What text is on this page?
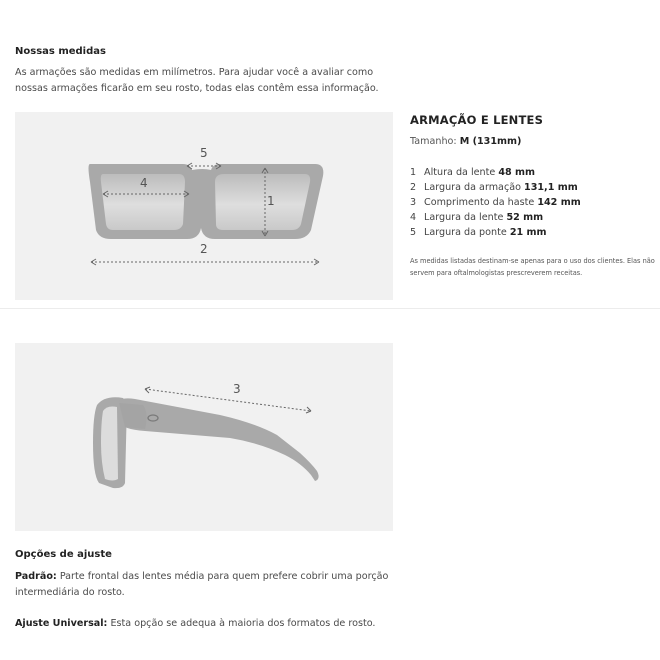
Nossas medidas

As armações são medidas em milímetros. Para ajudar você a avaliar como nossas armações ficarão em seu rosto, todas elas contêm essa informação.

5
4
1
2
ARMAÇÃO E LENTES
Tamanho: M (131mm)
1 Altura da lente 48 mm
2 Largura da armação 131,1 mm
3 Comprimento da haste 142 mm
4 Largura da lente 52 mm
5 Largura da ponte 21 mm

As medidas listadas destinam-se apenas para o uso dos clientes. Elas não servem para oftalmologistas prescreverem receitas.

3
Opções de ajuste

Padrão: Parte frontal das lentes média para quem prefere cobrir uma porção intermediária do rosto.

Ajuste Universal: Esta opção se adequa à maioria dos formatos de rosto.
